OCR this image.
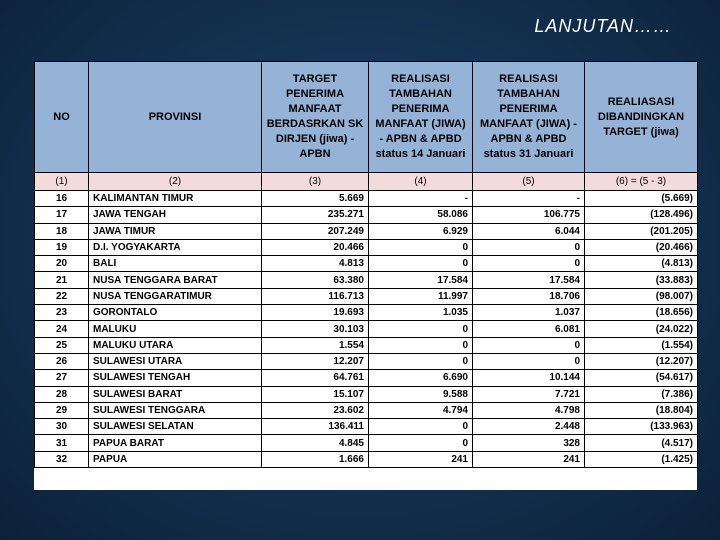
LANJUTAN……
NO	PROVINSI	TARGET PENERIMA MANFAAT BERDASRKAN SK DIRJEN (jiwa) - APBN	REALISASI TAMBAHAN PENERIMA MANFAAT (JIWA) - APBN & APBD status 14 Januari	REALISASI TAMBAHAN PENERIMA MANFAAT (JIWA) - APBN & APBD status 31 Januari	REALIASASI DIBANDINGKAN TARGET (jiwa)
(1)	(2)	(3)	(4)	(5)	(6) = (5 - 3)
16	KALIMANTAN TIMUR	5.669	-	-	(5.669)
17	JAWA TENGAH	235.271	58.086	106.775	(128.496)
18	JAWA TIMUR	207.249	6.929	6.044	(201.205)
19	D.I. YOGYAKARTA	20.466	0	0	(20.466)
20	BALI	4.813	0	0	(4.813)
21	NUSA TENGGARA BARAT	63.380	17.584	17.584	(33.883)
22	NUSA TENGGARATIMUR	116.713	11.997	18.706	(98.007)
23	GORONTALO	19.693	1.035	1.037	(18.656)
24	MALUKU	30.103	0	6.081	(24.022)
25	MALUKU UTARA	1.554	0	0	(1.554)
26	SULAWESI UTARA	12.207	0	0	(12.207)
27	SULAWESI TENGAH	64.761	6.690	10.144	(54.617)
28	SULAWESI BARAT	15.107	9.588	7.721	(7.386)
29	SULAWESI TENGGARA	23.602	4.794	4.798	(18.804)
30	SULAWESI SELATAN	136.411	0	2.448	(133.963)
31	PAPUA BARAT	4.845	0	328	(4.517)
32	PAPUA	1.666	241	241	(1.425)
